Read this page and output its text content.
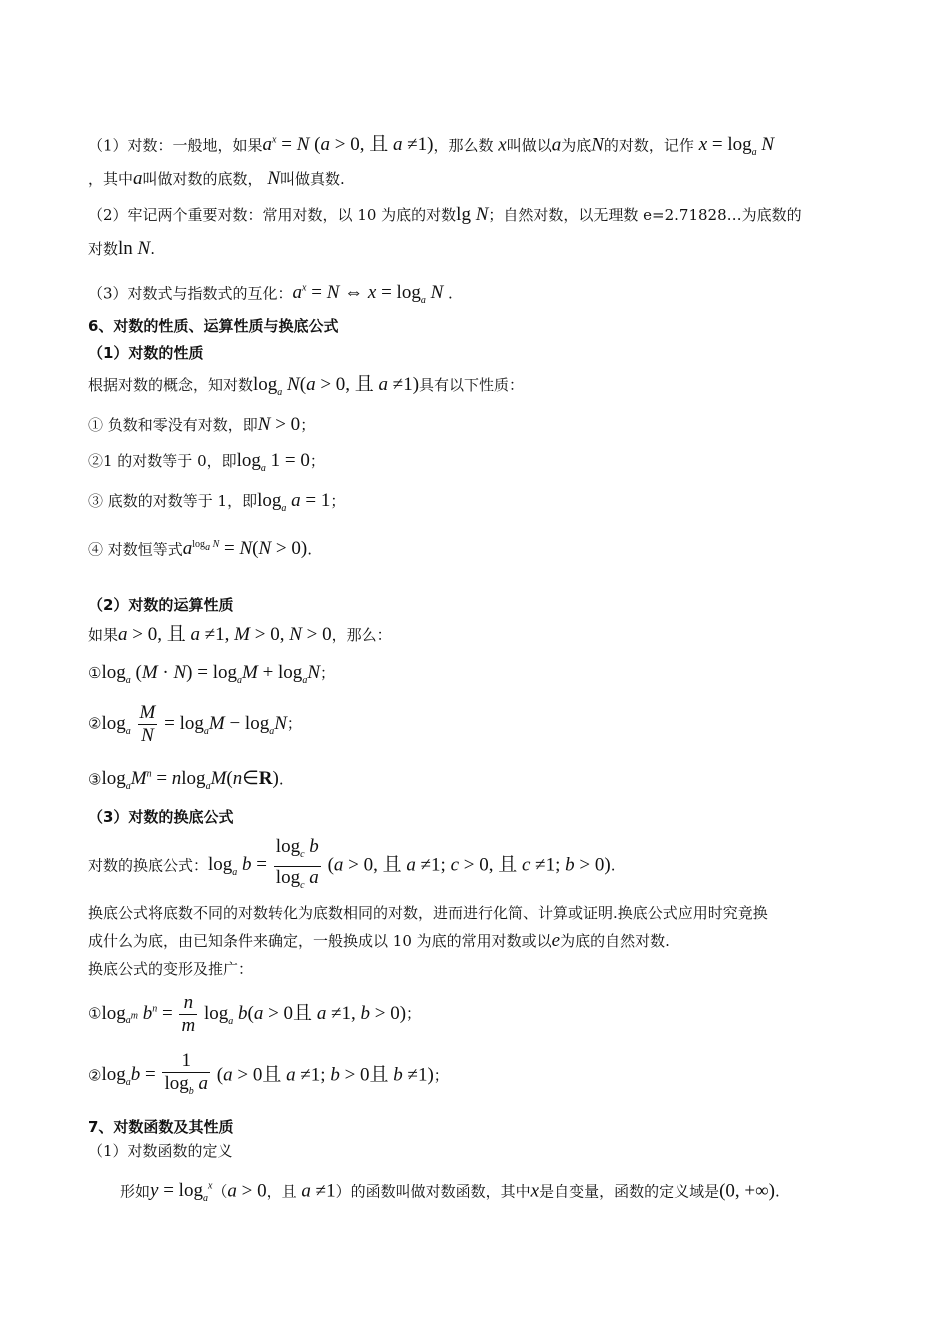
（1）对数：一般地，如果$a^x = N$ (a > 0, 且 a ≠1)，那么数 x叫做以a为底N的对数，记作 $x = \log_a N$
，其中a叫做对数的底数， N叫做真数.
（2）牢记两个重要对数：常用对数，以 10 为底的对数lg N；自然对数，以无理数 e=2.71828…为底数的
对数ln N.
（3）对数式与指数式的互化：$a^x = N$ ⇔ $x = \log_a N$ .
6、对数的性质、运算性质与换底公式
（1）对数的性质
根据对数的概念，知对数$\log_a N(a > 0$, 且 a ≠1)具有以下性质：
① 负数和零没有对数，即N > 0；
②1 的对数等于 0，即$\log_a 1 = 0$；
③ 底数的对数等于 1，即$\log_a a = 1$；
④ 对数恒等式$a^{log_a N} = N(N > 0)$.
（2）对数的运算性质
如果a > 0, 且 a ≠1, M > 0, N > 0，那么：
$①\log_a$ $(M \cdot N) = \log_aM + \log_aN$；
$②\log_a \frac{M}{N} = \log_aM - \log_aN$；
$③\log_aM^n$ = nlog$_a$M(n∈R).
（3）对数的换底公式
对数的换底公式：$\log_a b = \frac{\log_c b}{\log_c a} (a > 0$, 且 a ≠1; c > 0, 且 c ≠1; b > 0).
换底公式将底数不同的对数转化为底数相同的对数，进而进行化简、计算或证明.换底公式应用时究竟换
成什么为底，由已知条件来确定，一般换成以 10 为底的常用对数或以e为底的自然对数.
换底公式的变形及推广：
$①\log_{a^m}$ $b^n = \frac{n}{m} \log_a b(a > 0$且 a ≠1, b > 0)；
$②\log_ab = \frac{1}{\log_b a} (a > 0$且 a ≠1; b > 0且 b ≠1)；
7、对数函数及其性质
（1）对数函数的定义
形如$y = \log_a^x(a > 0$，且 a ≠1）的函数叫做对数函数，其中x是自变量，函数的定义域是(0, +∞).
